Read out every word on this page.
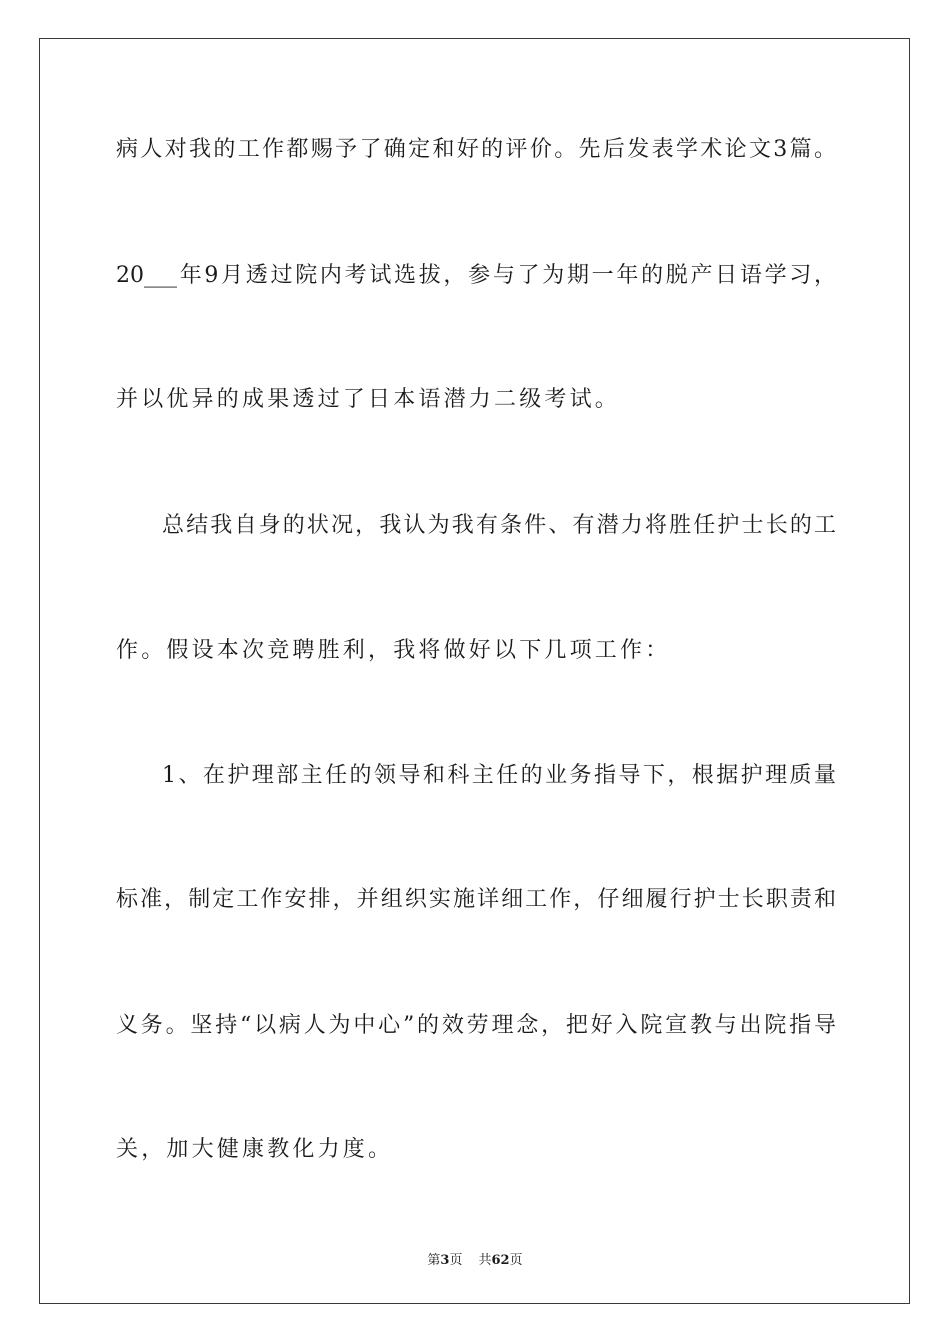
病人对我的工作都赐予了确定和好的评价。先后发表学术论文3篇。
20___年9月透过院内考试选拔，参与了为期一年的脱产日语学习，
并以优异的成果透过了日本语潜力二级考试。
总结我自身的状况，我认为我有条件、有潜力将胜任护士长的工
作。假设本次竞聘胜利，我将做好以下几项工作：
1、在护理部主任的领导和科主任的业务指导下，根据护理质量
标准，制定工作安排，并组织实施详细工作，仔细履行护士长职责和
义务。坚持“以病人为中心”的效劳理念，把好入院宣教与出院指导
关，加大健康教化力度。
第3页 共62页
